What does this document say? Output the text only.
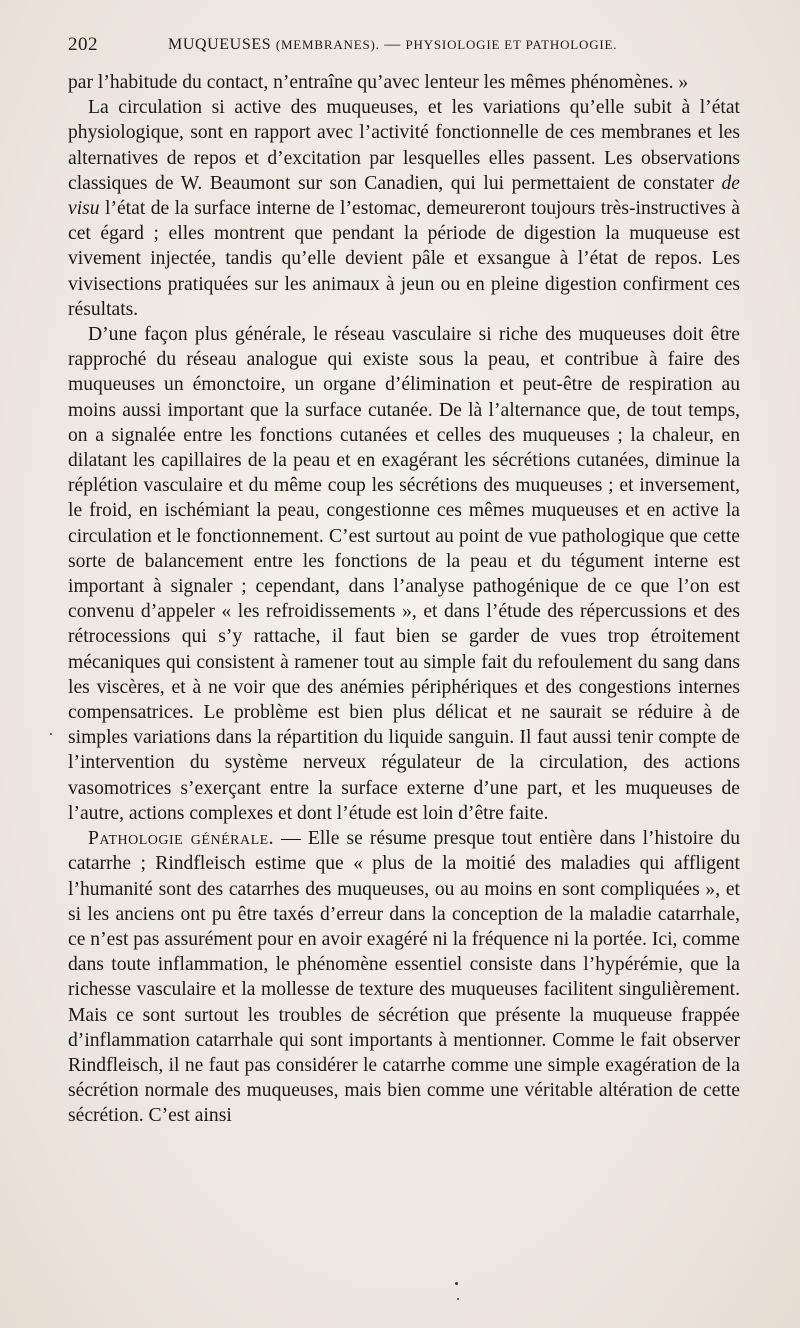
202	MUQUEUSES (MEMBRANES). — PHYSIOLOGIE ET PATHOLOGIE.

par l’habitude du contact, n’entraîne qu’avec lenteur les mêmes phénomènes. »

La circulation si active des muqueuses, et les variations qu’elle subit à l’état physiologique, sont en rapport avec l’activité fonctionnelle de ces membranes et les alternatives de repos et d’excitation par lesquelles elles passent. Les observations classiques de W. Beaumont sur son Canadien, qui lui permettaient de constater de visu l’état de la surface interne de l’estomac, demeureront toujours très-instructives à cet égard ; elles montrent que pendant la période de digestion la muqueuse est vivement injectée, tandis qu’elle devient pâle et exsangue à l’état de repos. Les vivisections pratiquées sur les animaux à jeun ou en pleine digestion confirment ces résultats.

D’une façon plus générale, le réseau vasculaire si riche des muqueuses doit être rapproché du réseau analogue qui existe sous la peau, et contribue à faire des muqueuses un émonctoire, un organe d’élimination et peut-être de respiration au moins aussi important que la surface cutanée. De là l’alternance que, de tout temps, on a signalée entre les fonctions cutanées et celles des muqueuses ; la chaleur, en dilatant les capillaires de la peau et en exagérant les sécrétions cutanées, diminue la réplétion vasculaire et du même coup les sécrétions des muqueuses ; et inversement, le froid, en ischémiant la peau, congestionne ces mêmes muqueuses et en active la circulation et le fonctionnement. C’est surtout au point de vue pathologique que cette sorte de balancement entre les fonctions de la peau et du tégument interne est important à signaler ; cependant, dans l’analyse pathogénique de ce que l’on est convenu d’appeler « les refroidissements », et dans l’étude des répercussions et des rétrocessions qui s’y rattache, il faut bien se garder de vues trop étroitement mécaniques qui consistent à ramener tout au simple fait du refoulement du sang dans les viscères, et à ne voir que des anémies périphériques et des congestions internes compensatrices. Le problème est bien plus délicat et ne saurait se réduire à de simples variations dans la répartition du liquide sanguin. Il faut aussi tenir compte de l’intervention du système nerveux régulateur de la circulation, des actions vasomotrices s’exerçant entre la surface externe d’une part, et les muqueuses de l’autre, actions complexes et dont l’étude est loin d’être faite.

Pathologie générale. — Elle se résume presque tout entière dans l’histoire du catarrhe ; Rindfleisch estime que « plus de la moitié des maladies qui affligent l’humanité sont des catarrhes des muqueuses, ou au moins en sont compliquées », et si les anciens ont pu être taxés d’erreur dans la conception de la maladie catarrhale, ce n’est pas assurément pour en avoir exagéré ni la fréquence ni la portée. Ici, comme dans toute inflammation, le phénomène essentiel consiste dans l’hypérémie, que la richesse vasculaire et la mollesse de texture des muqueuses facilitent singulièrement. Mais ce sont surtout les troubles de sécrétion que présente la muqueuse frappée d’inflammation catarrhale qui sont importants à mentionner. Comme le fait observer Rindfleisch, il ne faut pas considérer le catarrhe comme une simple exagération de la sécrétion normale des muqueuses, mais bien comme une véritable altération de cette sécrétion. C’est ainsi
